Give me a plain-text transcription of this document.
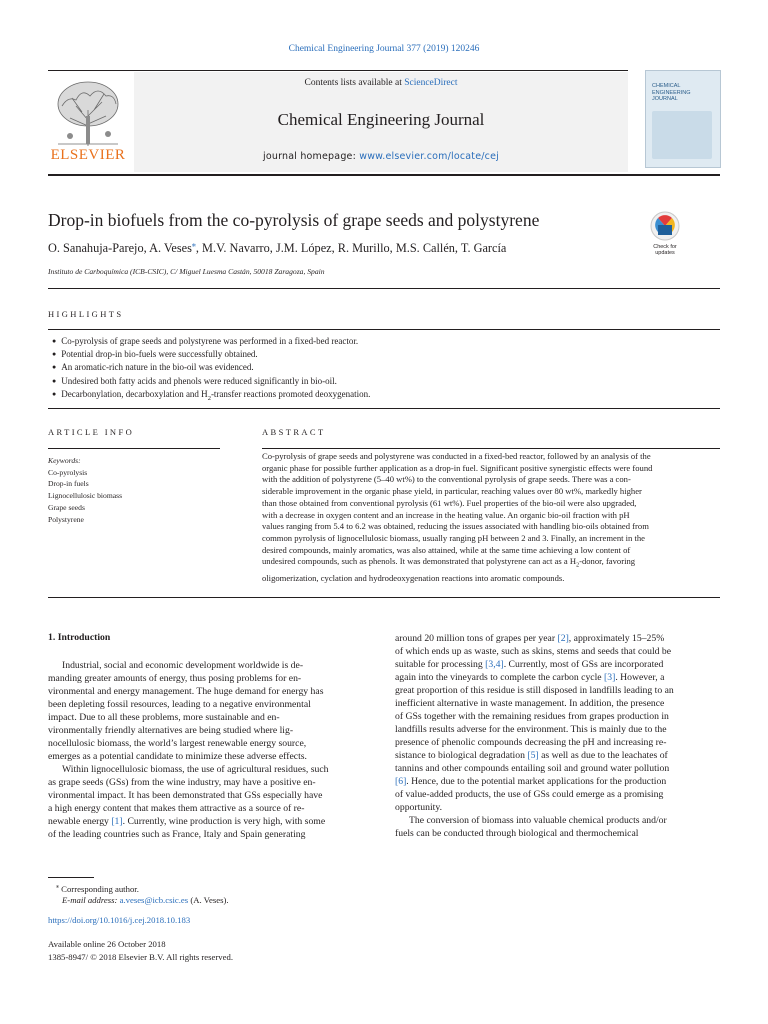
Chemical Engineering Journal 377 (2019) 120246
ELSEVIER
Contents lists available at ScienceDirect
Chemical Engineering Journal
journal homepage: www.elsevier.com/locate/cej
CHEMICAL ENGINEERING JOURNAL
Drop-in biofuels from the co-pyrolysis of grape seeds and polystyrene
Check for
updates
O. Sanahuja-Parejo, A. Veses⁎, M.V. Navarro, J.M. López, R. Murillo, M.S. Callén, T. García
Instituto de Carboquímica (ICB-CSIC), C/ Miguel Luesma Castán, 50018 Zaragoza, Spain
HIGHLIGHTS
● Co-pyrolysis of grape seeds and polystyrene was performed in a fixed-bed reactor.
● Potential drop-in bio-fuels were successfully obtained.
● An aromatic-rich nature in the bio-oil was evidenced.
● Undesired both fatty acids and phenols were reduced significantly in bio-oil.
● Decarbonylation, decarboxylation and $H_2$-transfer reactions promoted deoxygenation.
ARTICLE INFO
Keywords:
Co-pyrolysis
Drop-in fuels
Lignocellulosic biomass
Grape seeds
Polystyrene
ABSTRACT
Co-pyrolysis of grape seeds and polystyrene was conducted in a fixed-bed reactor, followed by an analysis of the
organic phase for possible further application as a drop-in fuel. Significant positive synergistic effects were found
with the addition of polystyrene (5–40 wt%) to the conventional pyrolysis of grape seeds. There was a con-
siderable improvement in the organic phase yield, in particular, reaching values over 80 wt%, markedly higher
than those obtained from conventional pyrolysis (61 wt%). Fuel properties of the bio-oil were also upgraded,
with a decrease in oxygen content and an increase in the heating value. An organic bio-oil fraction with pH
values ranging from 5.4 to 6.2 was obtained, reducing the issues associated with handling bio-oils obtained from
common pyrolysis of lignocellulosic biomass, usually ranging pH between 2 and 3. Finally, an increment in the
desired compounds, mainly aromatics, was also attained, while at the same time achieving a low content of
undesired compounds, such as phenols. It was demonstrated that polystyrene can act as a $H_2$-donor, favoring
oligomerization, cyclation and hydrodeoxygenation reactions into aromatic compounds.
1. Introduction
Industrial, social and economic development worldwide is de-
manding greater amounts of energy, thus posing problems for en-
vironmental and energy management. The huge demand for energy has
been depleting fossil resources, leading to a negative environmental
impact. Due to all these problems, more sustainable and en-
vironmentally friendly alternatives are being studied where lig-
nocellulosic biomass, the world’s largest renewable energy source,
emerges as a potential candidate to minimize these adverse effects.
Within lignocellulosic biomass, the use of agricultural residues, such
as grape seeds (GSs) from the wine industry, may have a positive en-
vironmental impact. It has been demonstrated that GSs especially have
a high energy content that makes them attractive as a source of re-
newable energy [1]. Currently, wine production is very high, with some
of the leading countries such as France, Italy and Spain generating
around 20 million tons of grapes per year [2], approximately 15–25%
of which ends up as waste, such as skins, stems and seeds that could be
suitable for processing [3,4]. Currently, most of GSs are incorporated
again into the vineyards to complete the carbon cycle [3]. However, a
great proportion of this residue is still disposed in landfills leading to an
inefficient alternative in waste management. In addition, the presence
of GSs together with the remaining residues from grapes production in
landfills results adverse for the environment. This is mainly due to the
presence of phenolic compounds decreasing the pH and increasing re-
sistance to biological degradation [5] as well as due to the leachates of
tannins and other compounds entailing soil and ground water pollution
[6]. Hence, due to the potential market applications for the production
of value-added products, the use of GSs could emerge as a promising
opportunity.
The conversion of biomass into valuable chemical products and/or
fuels can be conducted through biological and thermochemical
⁎ Corresponding author.
E-mail address: a.veses@icb.csic.es (A. Veses).
https://doi.org/10.1016/j.cej.2018.10.183
Available online 26 October 2018
1385-8947/ © 2018 Elsevier B.V. All rights reserved.
